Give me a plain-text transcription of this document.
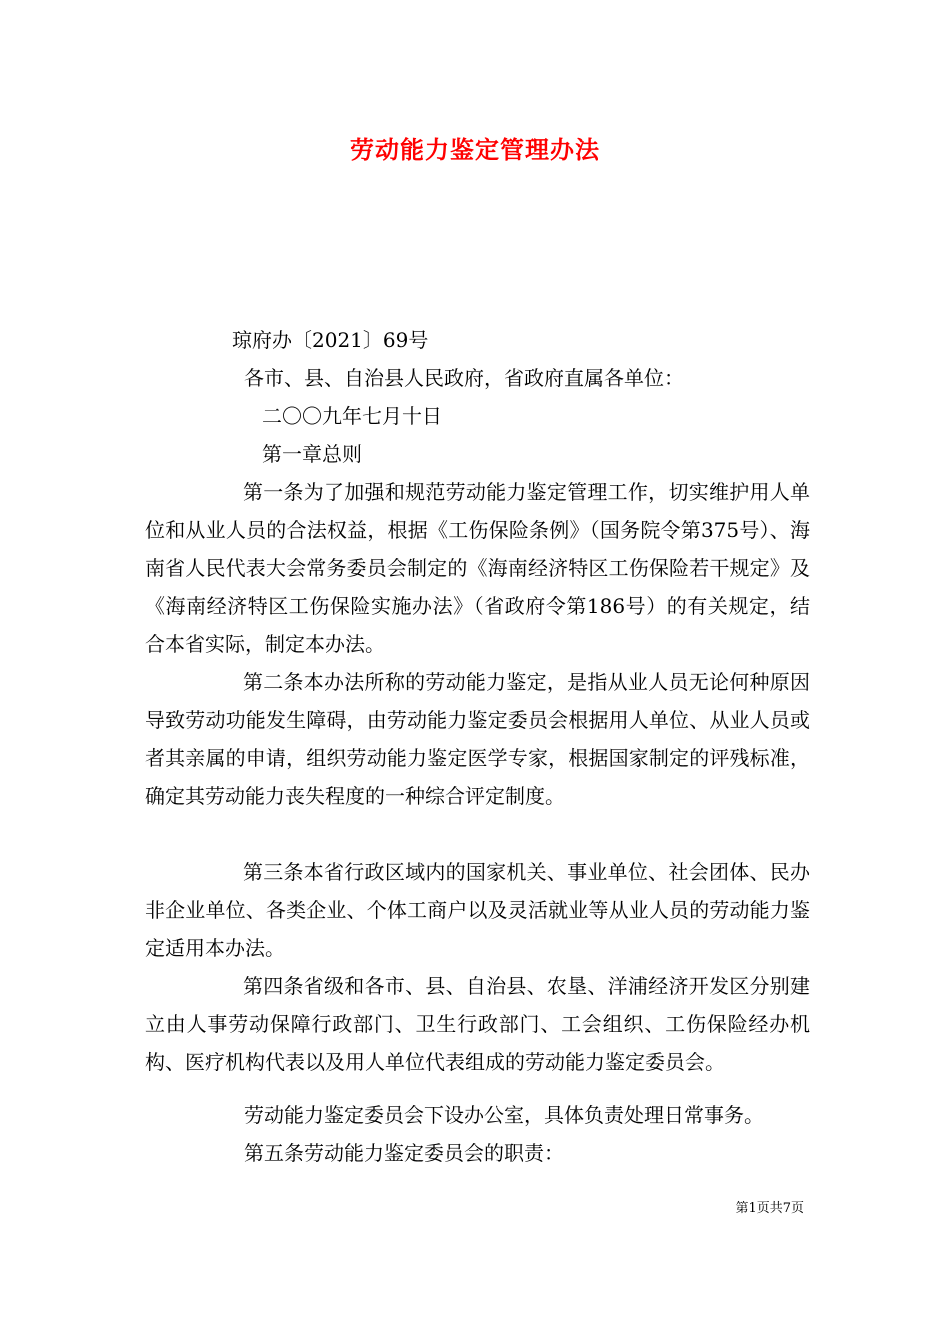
劳动能力鉴定管理办法
琼府办〔2021〕69号
各市、县、自治县人民政府，省政府直属各单位：
二〇〇九年七月十日
第一章总则
第一条为了加强和规范劳动能力鉴定管理工作，切实维护用人单位和从业人员的合法权益，根据《工伤保险条例》（国务院令第375号）、海南省人民代表大会常务委员会制定的《海南经济特区工伤保险若干规定》及《海南经济特区工伤保险实施办法》（省政府令第186号）的有关规定，结合本省实际，制定本办法。
第二条本办法所称的劳动能力鉴定，是指从业人员无论何种原因导致劳动功能发生障碍，由劳动能力鉴定委员会根据用人单位、从业人员或者其亲属的申请，组织劳动能力鉴定医学专家，根据国家制定的评残标准，确定其劳动能力丧失程度的一种综合评定制度。
第三条本省行政区域内的国家机关、事业单位、社会团体、民办非企业单位、各类企业、个体工商户以及灵活就业等从业人员的劳动能力鉴定适用本办法。
第四条省级和各市、县、自治县、农垦、洋浦经济开发区分别建立由人事劳动保障行政部门、卫生行政部门、工会组织、工伤保险经办机构、医疗机构代表以及用人单位代表组成的劳动能力鉴定委员会。
劳动能力鉴定委员会下设办公室，具体负责处理日常事务。
第五条劳动能力鉴定委员会的职责：
第1页共7页
